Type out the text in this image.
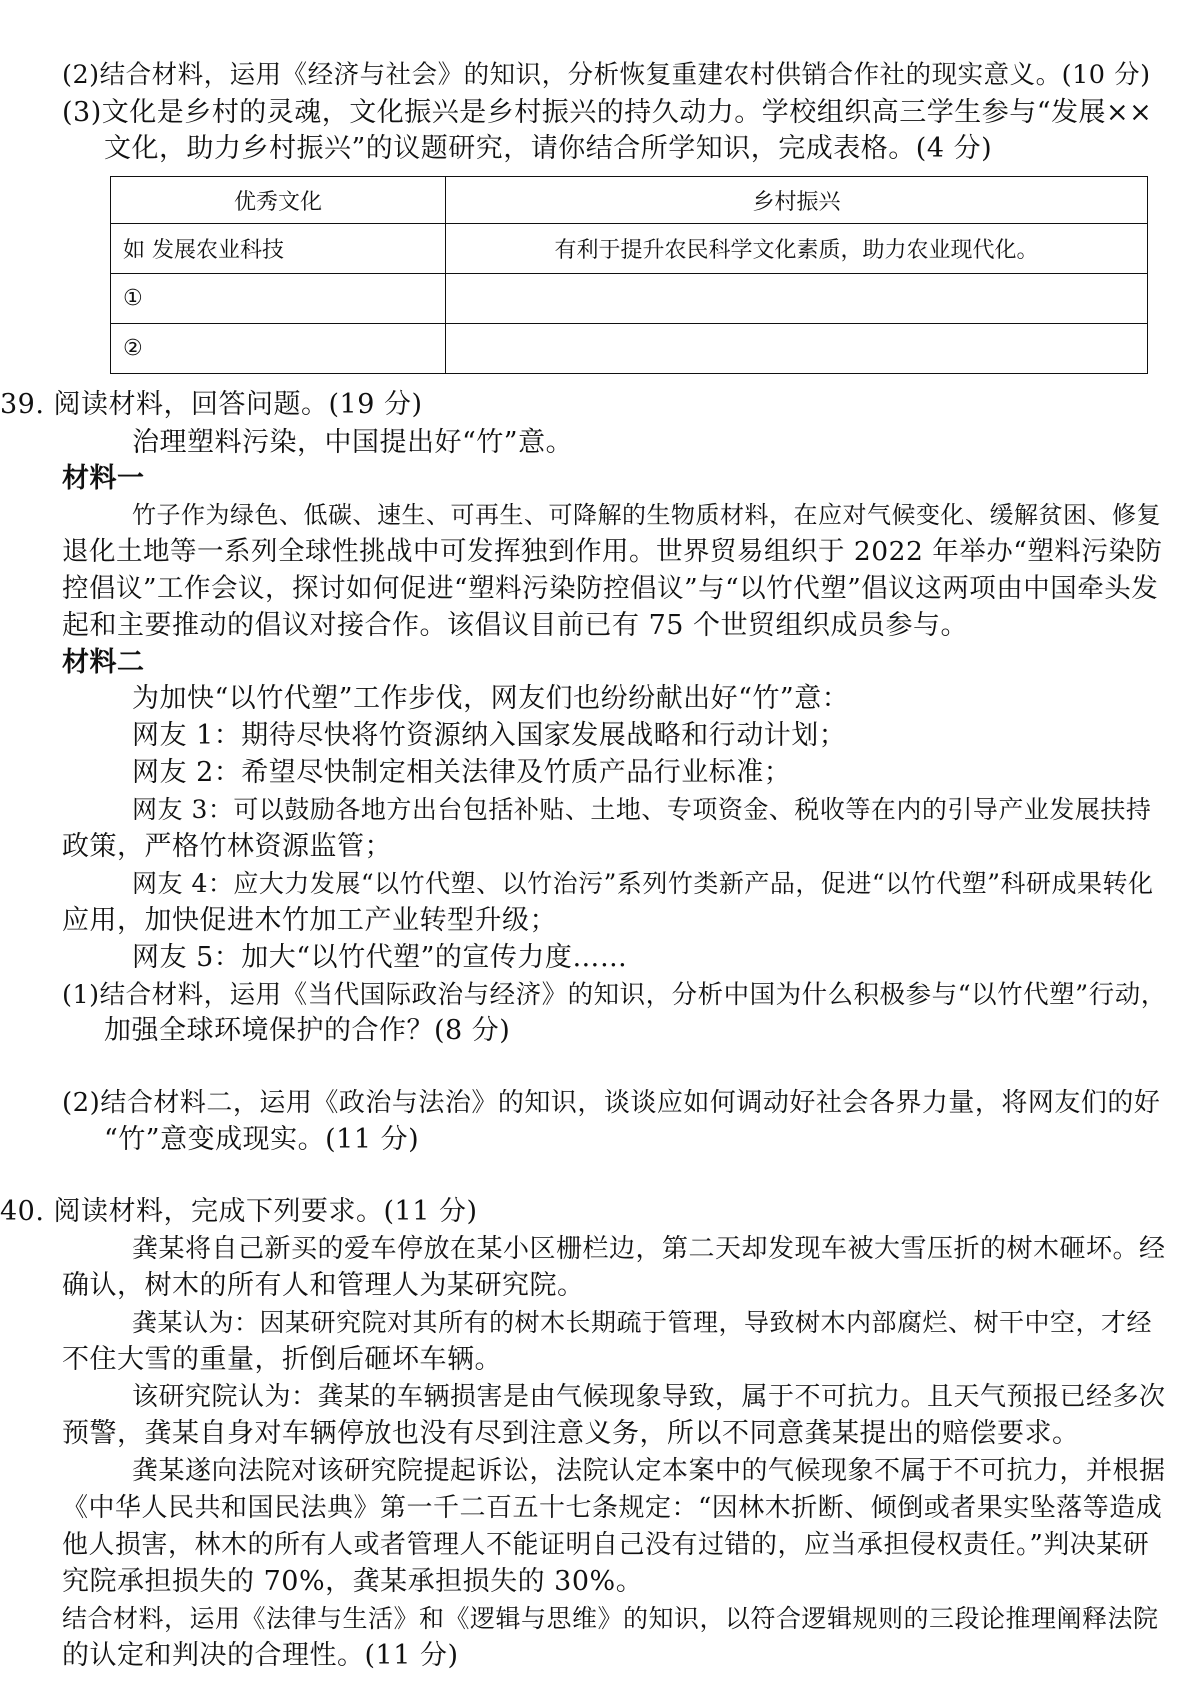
(2)结合材料，运用《经济与社会》的知识，分析恢复重建农村供销合作社的现实意义。(10 分)
(3)文化是乡村的灵魂，文化振兴是乡村振兴的持久动力。学校组织高三学生参与“发展××
文化，助力乡村振兴”的议题研究，请你结合所学知识，完成表格。(4 分)
优秀文化	乡村振兴
如 发展农业科技	有利于提升农民科学文化素质，助力农业现代化。
①	
②	
39. 阅读材料，回答问题。(19 分)
治理塑料污染，中国提出好“竹”意。
材料一
竹子作为绿色、低碳、速生、可再生、可降解的生物质材料，在应对气候变化、缓解贫困、修复
退化土地等一系列全球性挑战中可发挥独到作用。世界贸易组织于 2022 年举办“塑料污染防
控倡议”工作会议，探讨如何促进“塑料污染防控倡议”与“以竹代塑”倡议这两项由中国牵头发
起和主要推动的倡议对接合作。该倡议目前已有 75 个世贸组织成员参与。
材料二
为加快“以竹代塑”工作步伐，网友们也纷纷献出好“竹”意：
网友 1：期待尽快将竹资源纳入国家发展战略和行动计划；
网友 2：希望尽快制定相关法律及竹质产品行业标准；
网友 3：可以鼓励各地方出台包括补贴、土地、专项资金、税收等在内的引导产业发展扶持
政策，严格竹林资源监管；
网友 4：应大力发展“以竹代塑、以竹治污”系列竹类新产品，促进“以竹代塑”科研成果转化
应用，加快促进木竹加工产业转型升级；
网友 5：加大“以竹代塑”的宣传力度……
(1)结合材料，运用《当代国际政治与经济》的知识，分析中国为什么积极参与“以竹代塑”行动，
加强全球环境保护的合作？(8 分)
(2)结合材料二，运用《政治与法治》的知识，谈谈应如何调动好社会各界力量，将网友们的好
“竹”意变成现实。(11 分)
40. 阅读材料，完成下列要求。(11 分)
龚某将自己新买的爱车停放在某小区栅栏边，第二天却发现车被大雪压折的树木砸坏。经
确认，树木的所有人和管理人为某研究院。
龚某认为：因某研究院对其所有的树木长期疏于管理，导致树木内部腐烂、树干中空，才经
不住大雪的重量，折倒后砸坏车辆。
该研究院认为：龚某的车辆损害是由气候现象导致，属于不可抗力。且天气预报已经多次
预警，龚某自身对车辆停放也没有尽到注意义务，所以不同意龚某提出的赔偿要求。
龚某遂向法院对该研究院提起诉讼，法院认定本案中的气候现象不属于不可抗力，并根据
《中华人民共和国民法典》第一千二百五十七条规定：“因林木折断、倾倒或者果实坠落等造成
他人损害，林木的所有人或者管理人不能证明自己没有过错的，应当承担侵权责任。”判决某研
究院承担损失的 70%，龚某承担损失的 30%。
结合材料，运用《法律与生活》和《逻辑与思维》的知识，以符合逻辑规则的三段论推理阐释法院
的认定和判决的合理性。(11 分)
